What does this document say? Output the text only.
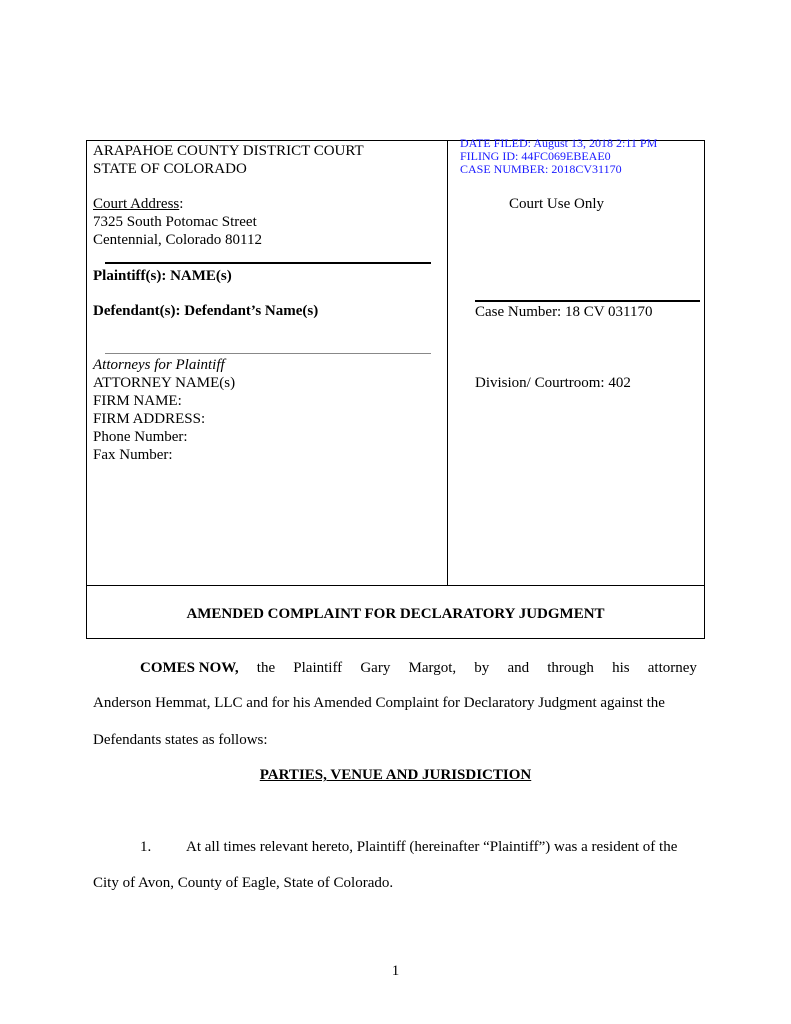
DATE FILED: August 13, 2018 2:11 PM
FILING ID: 44FC069EBEAE0
CASE NUMBER: 2018CV31170
ARAPAHOE COUNTY DISTRICT COURT
STATE OF COLORADO
Court Address:
7325 South Potomac Street
Centennial, Colorado 80112
Plaintiff(s): NAME(s)
Defendant(s): Defendant’s Name(s)
Attorneys for Plaintiff
ATTORNEY NAME(s)
FIRM NAME:
FIRM ADDRESS:
Phone Number:
Fax Number:
Court Use Only
Case Number: 18 CV 031170
Division/ Courtroom: 402
AMENDED COMPLAINT FOR DECLARATORY JUDGMENT
COMES NOW, the Plaintiff Gary Margot, by and through his attorney
Anderson Hemmat, LLC and for his Amended Complaint for Declaratory Judgment against the
Defendants states as follows:
PARTIES, VENUE AND JURISDICTION
1. At all times relevant hereto, Plaintiff (hereinafter “Plaintiff”) was a resident of the
City of Avon, County of Eagle, State of Colorado.
1
